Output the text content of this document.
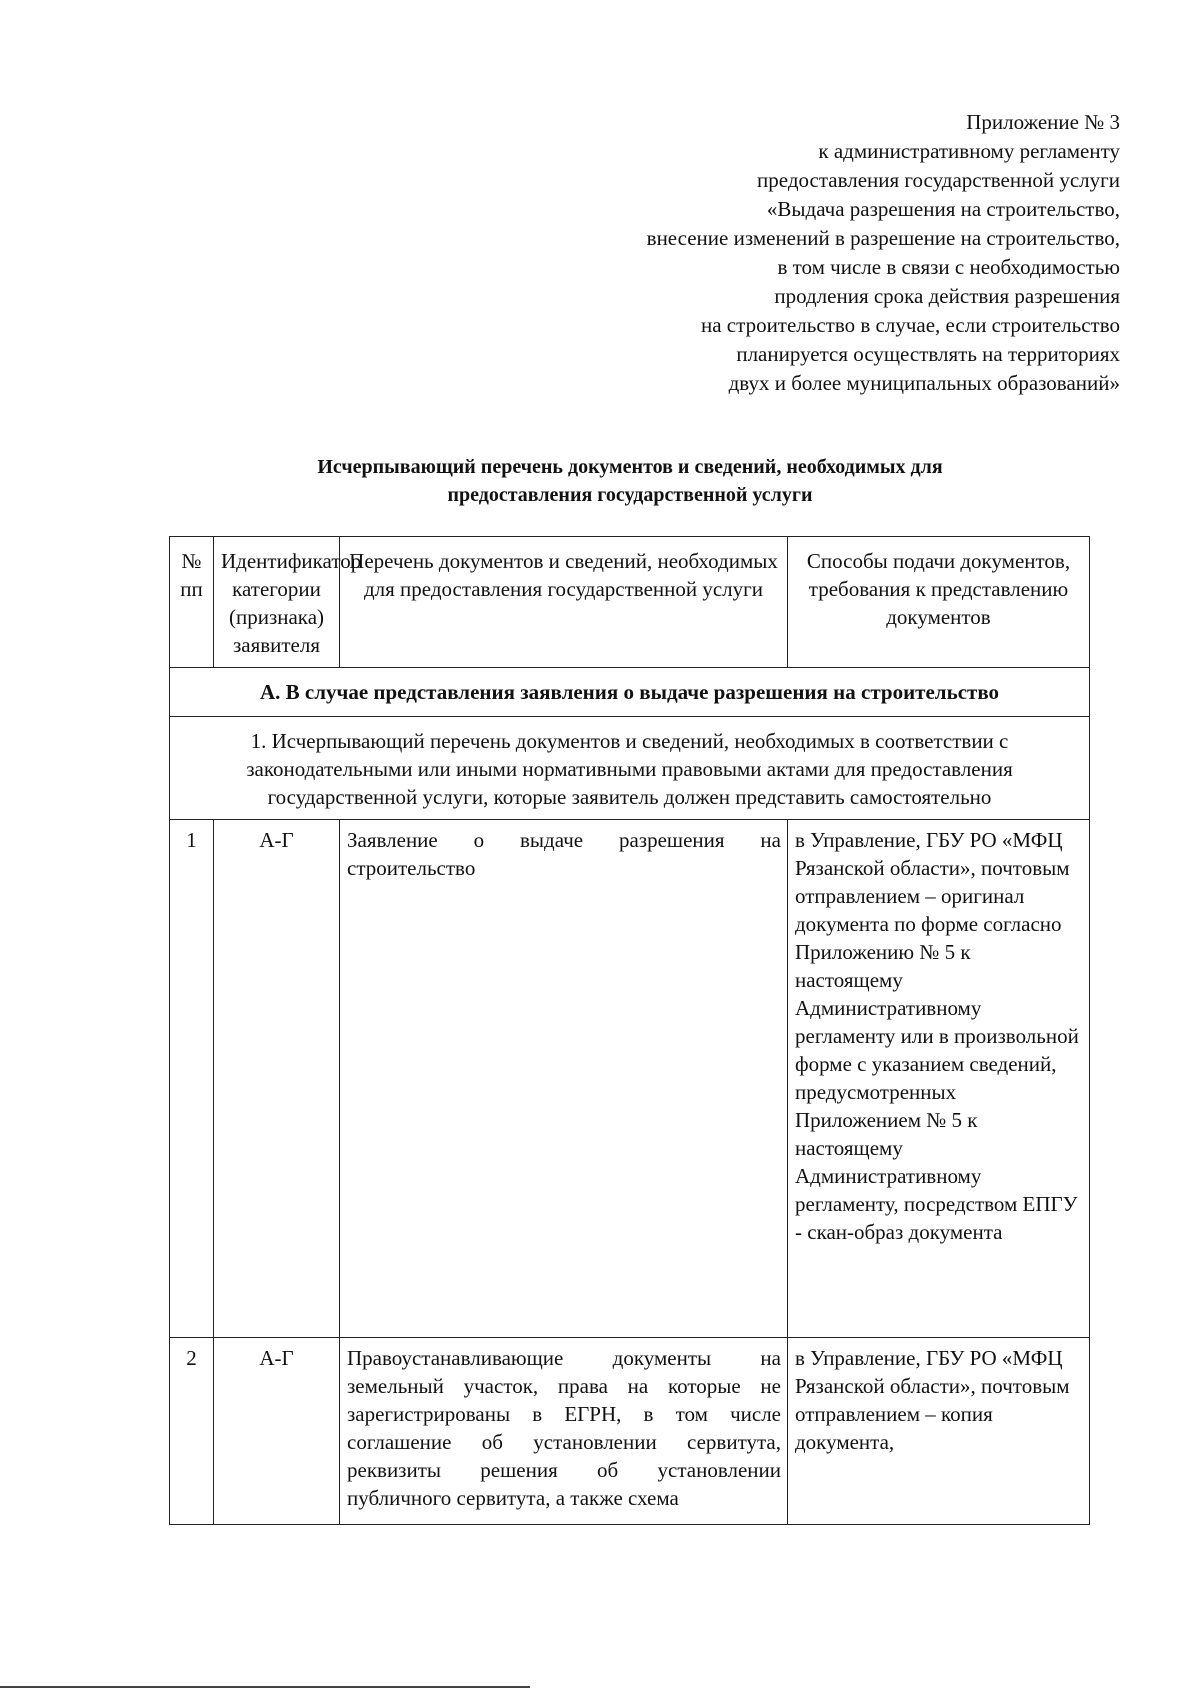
Приложение № 3
к административному регламенту
предоставления государственной услуги
«Выдача разрешения на строительство,
внесение изменений в разрешение на строительство,
в том числе в связи с необходимостью
продления срока действия разрешения
на строительство в случае, если строительство
планируется осуществлять на территориях
двух и более муниципальных образований»
Исчерпывающий перечень документов и сведений, необходимых для
предоставления государственной услуги
№ пп	Идентификатор категории (признака) заявителя	Перечень документов и сведений, необходимых для предоставления государственной услуги	Способы подачи документов, требования к представлению документов
А. В случае представления заявления о выдаче разрешения на строительство			
1. Исчерпывающий перечень документов и сведений, необходимых в соответствии с законодательными или иными нормативными правовыми актами для предоставления государственной услуги, которые заявитель должен представить самостоятельно			
1	А-Г	Заявление о выдаче разрешения на строительство	в Управление, ГБУ РО «МФЦ Рязанской области», почтовым отправлением – оригинал документа по форме согласно Приложению № 5 к настоящему Административному регламенту или в произвольной форме с указанием сведений, предусмотренных Приложением № 5 к настоящему Административному регламенту, посредством ЕПГУ - скан-образ документа
2	А-Г	Правоустанавливающие документы на земельный участок, права на которые не зарегистрированы в ЕГРН, в том числе соглашение об установлении сервитута, реквизиты решения об установлении публичного сервитута, а также схема	в Управление, ГБУ РО «МФЦ Рязанской области», почтовым отправлением – копия документа,
